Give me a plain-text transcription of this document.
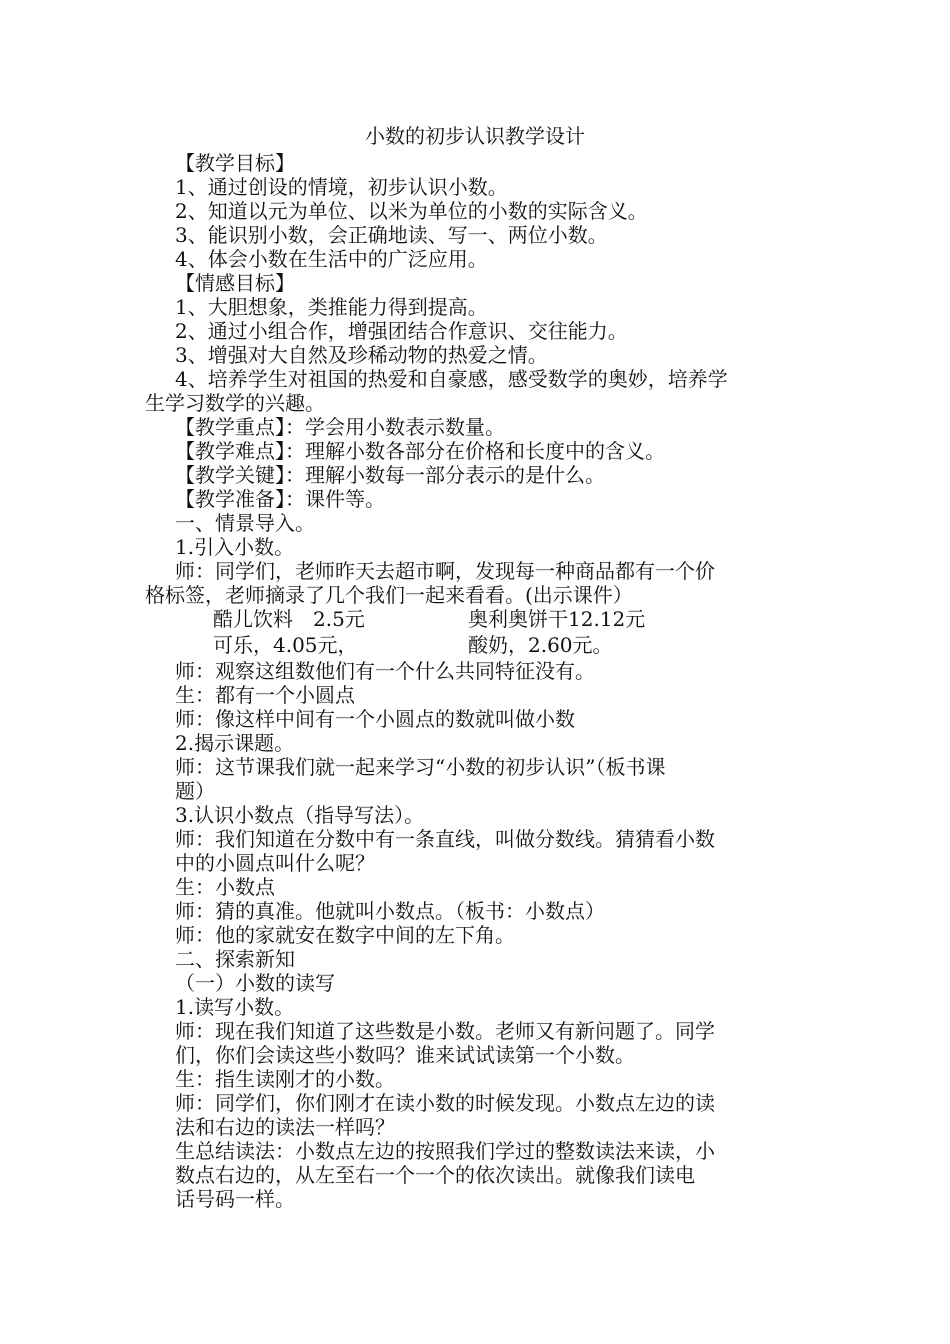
小数的初步认识教学设计
【教学目标】
1、通过创设的情境，初步认识小数。
2、知道以元为单位、以米为单位的小数的实际含义。
3、能识别小数，会正确地读、写一、两位小数。
4、体会小数在生活中的广泛应用。
【情感目标】
1、大胆想象，类推能力得到提高。
2、通过小组合作，增强团结合作意识、交往能力。
3、增强对大自然及珍稀动物的热爱之情。
4、培养学生对祖国的热爱和自豪感，感受数学的奥妙，培养学
生学习数学的兴趣。
【教学重点】：学会用小数表示数量。
【教学难点】：理解小数各部分在价格和长度中的含义。
【教学关键】：理解小数每一部分表示的是什么。
【教学准备】：课件等。
一、情景导入。
1.引入小数。
师：同学们，老师昨天去超市啊，发现每一种商品都有一个价
格标签，老师摘录了几个我们一起来看看。(出示课件）
酷儿饮料　2.5元	奥利奥饼干12.12元
可乐，4.05元，	酸奶，2.60元。
师：观察这组数他们有一个什么共同特征没有。
生：都有一个小圆点
师：像这样中间有一个小圆点的数就叫做小数
2.揭示课题。
师：这节课我们就一起来学习“小数的初步认识”（板书课
题）
3.认识小数点（指导写法）。
师：我们知道在分数中有一条直线，叫做分数线。猜猜看小数
中的小圆点叫什么呢？
生：小数点
师：猜的真准。他就叫小数点。（板书：小数点）
师：他的家就安在数字中间的左下角。
二、探索新知
（一）小数的读写
1.读写小数。
师：现在我们知道了这些数是小数。老师又有新问题了。同学
们，你们会读这些小数吗？谁来试试读第一个小数。
生：指生读刚才的小数。
师：同学们，你们刚才在读小数的时候发现。小数点左边的读
法和右边的读法一样吗？
生总结读法：小数点左边的按照我们学过的整数读法来读，小
数点右边的，从左至右一个一个的依次读出。就像我们读电
话号码一样。
